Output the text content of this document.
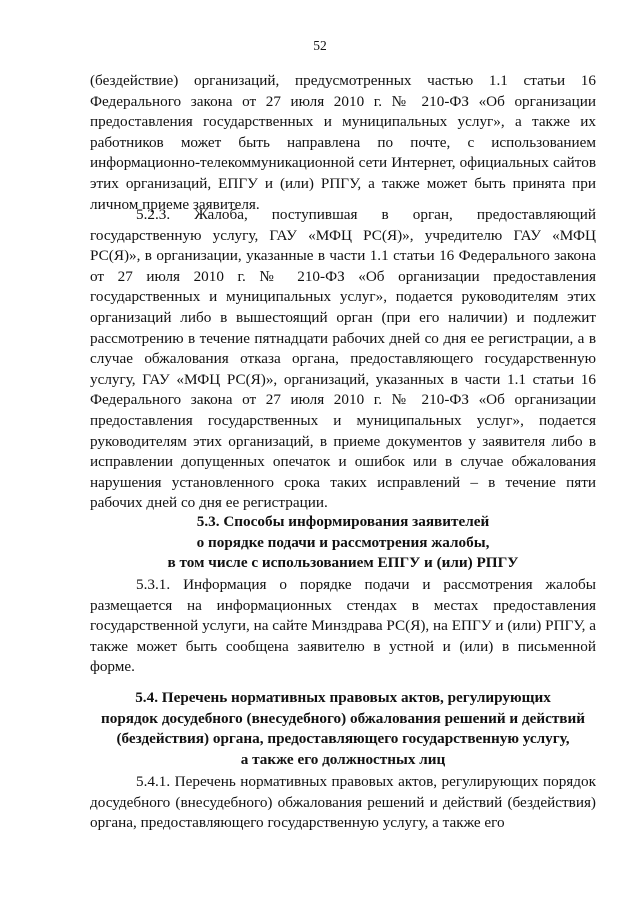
52

(бездействие) организаций, предусмотренных частью 1.1 статьи 16 Федерального закона от 27 июля 2010 г. № 210-ФЗ «Об организации предоставления государственных и муниципальных услуг», а также их работников может быть направлена по почте, с использованием информационно-телекоммуникационной сети Интернет, официальных сайтов этих организаций, ЕПГУ и (или) РПГУ, а также может быть принята при личном приеме заявителя.

5.2.3. Жалоба, поступившая в орган, предоставляющий государственную услугу, ГАУ «МФЦ РС(Я)», учредителю ГАУ «МФЦ РС(Я)», в организации, указанные в части 1.1 статьи 16 Федерального закона от 27 июля 2010 г. № 210-ФЗ «Об организации предоставления государственных и муниципальных услуг», подается руководителям этих организаций либо в вышестоящий орган (при его наличии) и подлежит рассмотрению в течение пятнадцати рабочих дней со дня ее регистрации, а в случае обжалования отказа органа, предоставляющего государственную услугу, ГАУ «МФЦ РС(Я)», организаций, указанных в части 1.1 статьи 16 Федерального закона от 27 июля 2010 г. № 210-ФЗ «Об организации предоставления государственных и муниципальных услуг», подается руководителям этих организаций, в приеме документов у заявителя либо в исправлении допущенных опечаток и ошибок или в случае обжалования нарушения установленного срока таких исправлений – в течение пяти рабочих дней со дня ее регистрации.

5.3. Способы информирования заявителей
о порядке подачи и рассмотрения жалобы,
в том числе с использованием ЕПГУ и (или) РПГУ

5.3.1. Информация о порядке подачи и рассмотрения жалобы размещается на информационных стендах в местах предоставления государственной услуги, на сайте Минздрава РС(Я), на ЕПГУ и (или) РПГУ, а также может быть сообщена заявителю в устной и (или) в письменной форме.

5.4. Перечень нормативных правовых актов, регулирующих
порядок досудебного (внесудебного) обжалования решений и действий
(бездействия) органа, предоставляющего государственную услугу,
а также его должностных лиц

5.4.1. Перечень нормативных правовых актов, регулирующих порядок досудебного (внесудебного) обжалования решений и действий (бездействия) органа, предоставляющего государственную услугу, а также его
